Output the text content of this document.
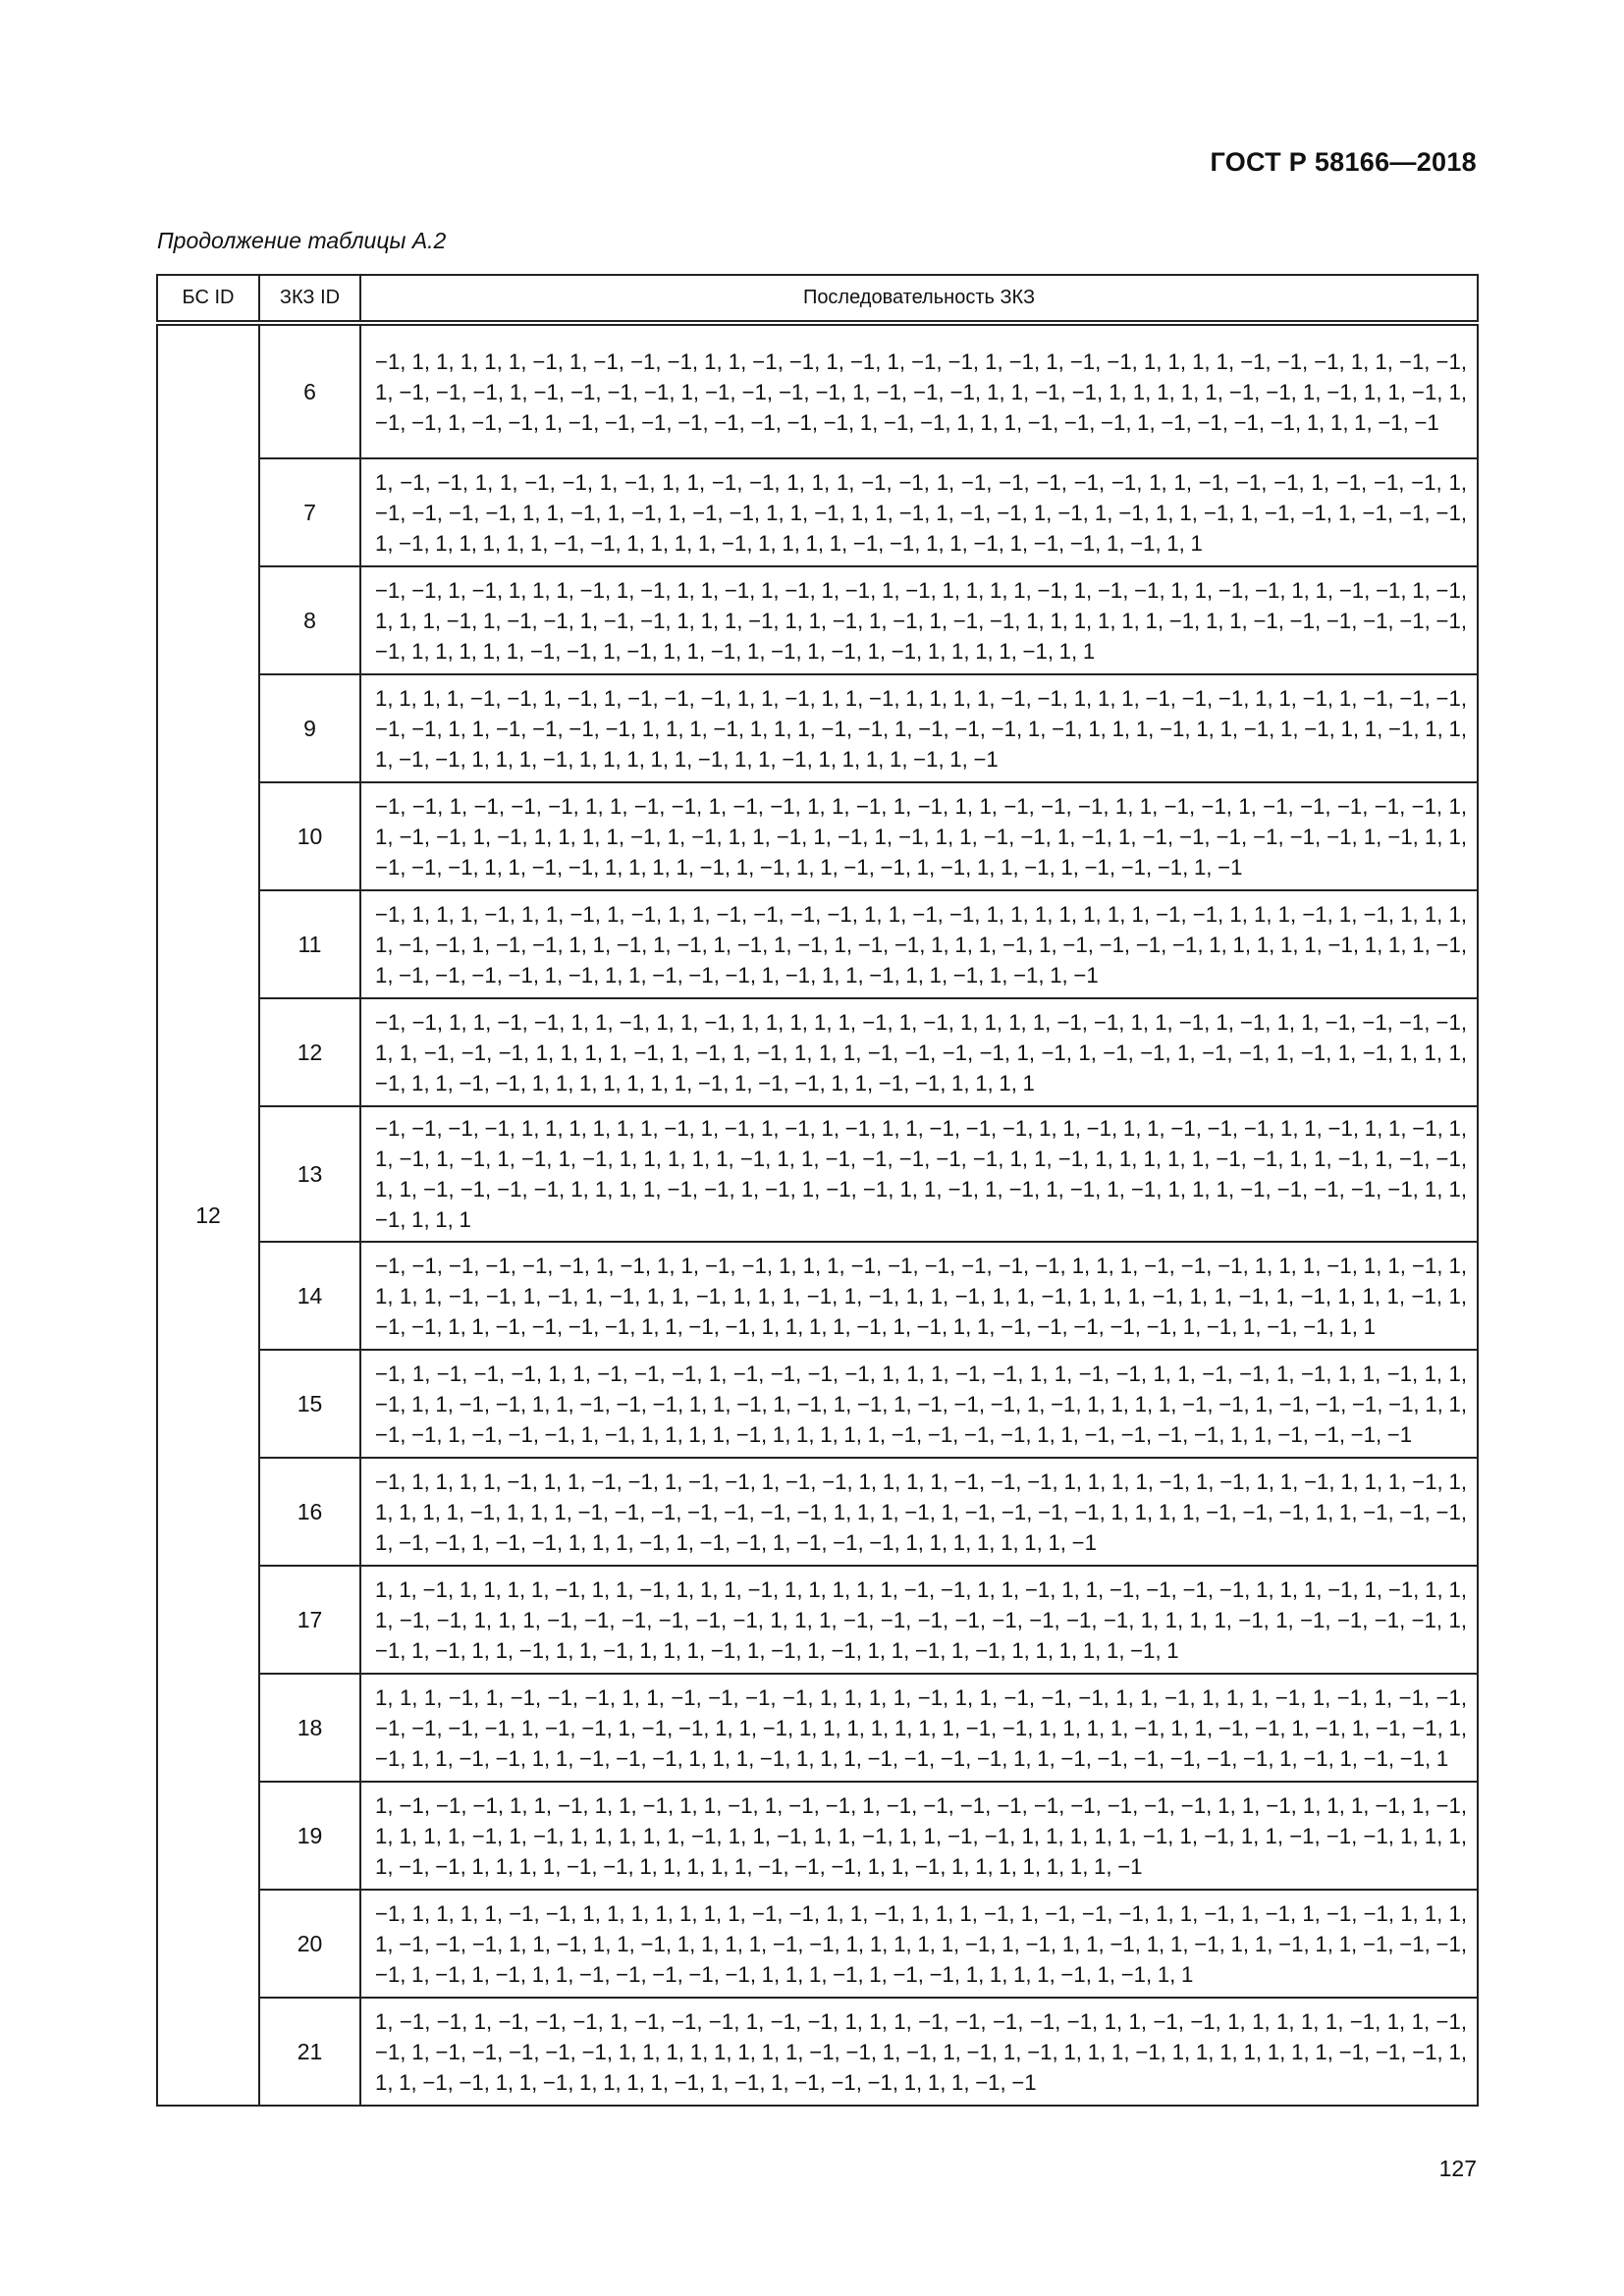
ГОСТ Р 58166—2018
Продолжение таблицы А.2
БС ID	ЗКЗ ID	Последовательность ЗКЗ
12	6	−1, 1, 1, 1, 1, 1, −1, 1, −1, −1, −1, 1, 1, −1, −1, 1, −1, 1, −1, −1, 1, −1, 1, −1, −1, 1, 1, 1, 1, −1, −1, −1, 1, 1, −1, −1, 1, −1, −1, −1, 1, −1, −1, −1, −1, 1, −1, −1, −1, −1, 1, −1, −1, −1, 1, 1, −1, −1, 1, 1, 1, 1, 1, −1, −1, 1, −1, 1, 1, −1, 1, −1, −1, 1, −1, −1, 1, −1, −1, −1, −1, −1, −1, −1, −1, 1, −1, −1, 1, 1, 1, −1, −1, −1, 1, −1, −1, −1, −1, 1, 1, 1, −1, −1
	7	1, −1, −1, 1, 1, −1, −1, 1, −1, 1, 1, −1, −1, 1, 1, 1, −1, −1, 1, −1, −1, −1, −1, −1, 1, 1, −1, −1, −1, 1, −1, −1, −1, 1, −1, −1, −1, −1, 1, 1, −1, 1, −1, 1, −1, −1, 1, 1, −1, 1, 1, −1, 1, −1, −1, 1, −1, 1, −1, 1, 1, −1, 1, −1, −1, 1, −1, −1, −1, 1, −1, 1, 1, 1, 1, 1, −1, −1, 1, 1, 1, 1, −1, 1, 1, 1, 1, −1, −1, 1, 1, −1, 1, −1, −1, 1, −1, 1, 1
	8	−1, −1, 1, −1, 1, 1, 1, −1, 1, −1, 1, 1, −1, 1, −1, 1, −1, 1, −1, 1, 1, 1, 1, −1, 1, −1, −1, 1, 1, −1, −1, 1, 1, −1, −1, 1, −1, 1, 1, 1, −1, 1, −1, −1, 1, −1, −1, 1, 1, 1, −1, 1, 1, −1, 1, −1, 1, −1, −1, 1, 1, 1, 1, 1, 1, −1, 1, 1, −1, −1, −1, −1, −1, −1, −1, 1, 1, 1, 1, 1, −1, −1, 1, −1, 1, 1, −1, 1, −1, 1, −1, 1, −1, 1, 1, 1, 1, −1, 1, 1
	9	1, 1, 1, 1, −1, −1, 1, −1, 1, −1, −1, −1, 1, 1, −1, 1, 1, −1, 1, 1, 1, 1, −1, −1, 1, 1, 1, −1, −1, −1, 1, 1, −1, 1, −1, −1, −1, −1, −1, 1, 1, −1, −1, −1, −1, 1, 1, 1, −1, 1, 1, 1, −1, −1, 1, −1, −1, −1, 1, −1, 1, 1, 1, −1, 1, 1, −1, 1, −1, 1, 1, −1, 1, 1, 1, −1, −1, 1, 1, 1, −1, 1, 1, 1, 1, 1, −1, 1, 1, −1, 1, 1, 1, 1, −1, 1, −1
	10	−1, −1, 1, −1, −1, −1, 1, 1, −1, −1, 1, −1, −1, 1, 1, −1, 1, −1, 1, 1, −1, −1, −1, 1, 1, −1, −1, 1, −1, −1, −1, −1, −1, 1, 1, −1, −1, 1, −1, 1, 1, 1, 1, −1, 1, −1, 1, 1, −1, 1, −1, 1, −1, 1, 1, −1, −1, 1, −1, 1, −1, −1, −1, −1, −1, −1, 1, −1, 1, 1, −1, −1, −1, 1, 1, −1, −1, 1, 1, 1, 1, −1, 1, −1, 1, 1, −1, −1, 1, −1, 1, 1, −1, 1, −1, −1, −1, 1, −1
	11	−1, 1, 1, 1, −1, 1, 1, −1, 1, −1, 1, 1, −1, −1, −1, −1, 1, 1, −1, −1, 1, 1, 1, 1, 1, 1, 1, −1, −1, 1, 1, 1, −1, 1, −1, 1, 1, 1, 1, −1, −1, 1, −1, −1, 1, 1, −1, 1, −1, 1, −1, 1, −1, 1, −1, −1, 1, 1, 1, −1, 1, −1, −1, −1, −1, 1, 1, 1, 1, 1, −1, 1, 1, 1, −1, 1, −1, −1, −1, −1, 1, −1, 1, 1, −1, −1, −1, 1, −1, 1, 1, −1, 1, 1, −1, 1, −1, 1, −1
	12	−1, −1, 1, 1, −1, −1, 1, 1, −1, 1, 1, −1, 1, 1, 1, 1, 1, −1, 1, −1, 1, 1, 1, 1, −1, −1, 1, 1, −1, 1, −1, 1, 1, −1, −1, −1, −1, 1, 1, −1, −1, −1, 1, 1, 1, 1, −1, 1, −1, 1, −1, 1, 1, 1, −1, −1, −1, −1, 1, −1, 1, −1, −1, 1, −1, −1, 1, −1, 1, −1, 1, 1, 1, −1, 1, 1, −1, −1, 1, 1, 1, 1, 1, 1, 1, −1, 1, −1, −1, 1, 1, −1, −1, 1, 1, 1, 1
	13	−1, −1, −1, −1, 1, 1, 1, 1, 1, 1, −1, 1, −1, 1, −1, 1, −1, 1, 1, −1, −1, −1, 1, 1, −1, 1, 1, −1, −1, −1, 1, 1, −1, 1, 1, −1, 1, 1, −1, 1, −1, 1, −1, 1, −1, 1, 1, 1, 1, 1, −1, 1, 1, −1, −1, −1, −1, −1, 1, 1, −1, 1, 1, 1, 1, 1, −1, −1, 1, 1, −1, 1, −1, −1, 1, 1, −1, −1, −1, −1, 1, 1, 1, 1, −1, −1, 1, −1, 1, −1, −1, 1, 1, −1, 1, −1, 1, −1, 1, −1, 1, 1, 1, −1, −1, −1, −1, −1, 1, 1, −1, 1, 1, 1
	14	−1, −1, −1, −1, −1, −1, 1, −1, 1, 1, −1, −1, 1, 1, 1, −1, −1, −1, −1, −1, −1, 1, 1, 1, −1, −1, −1, 1, 1, 1, −1, 1, 1, −1, 1, 1, 1, 1, −1, −1, 1, −1, 1, −1, 1, 1, −1, 1, 1, 1, −1, 1, −1, 1, 1, −1, 1, 1, −1, 1, 1, 1, −1, 1, 1, −1, 1, −1, 1, 1, 1, −1, 1, −1, −1, 1, 1, −1, −1, −1, −1, 1, 1, −1, −1, 1, 1, 1, 1, −1, 1, −1, 1, 1, −1, −1, −1, −1, −1, 1, −1, 1, −1, −1, 1, 1
	15	−1, 1, −1, −1, −1, 1, 1, −1, −1, −1, 1, −1, −1, −1, −1, 1, 1, 1, −1, −1, 1, 1, −1, −1, 1, 1, −1, −1, 1, −1, 1, 1, −1, 1, 1, −1, 1, 1, −1, −1, 1, 1, −1, −1, −1, 1, 1, −1, 1, −1, 1, −1, 1, −1, −1, −1, 1, −1, 1, 1, 1, 1, −1, −1, 1, −1, −1, −1, −1, 1, 1, −1, −1, 1, −1, −1, −1, 1, −1, 1, 1, 1, 1, −1, 1, 1, 1, 1, 1, −1, −1, −1, −1, 1, 1, −1, −1, −1, −1, 1, 1, −1, −1, −1, −1
	16	−1, 1, 1, 1, 1, −1, 1, 1, −1, −1, 1, −1, −1, 1, −1, −1, 1, 1, 1, 1, −1, −1, −1, 1, 1, 1, 1, −1, 1, −1, 1, 1, −1, 1, 1, 1, −1, 1, 1, 1, 1, 1, −1, 1, 1, 1, −1, −1, −1, −1, −1, −1, −1, 1, 1, 1, −1, 1, −1, −1, −1, −1, 1, 1, 1, 1, −1, −1, −1, 1, 1, −1, −1, −1, 1, −1, −1, 1, −1, −1, 1, 1, 1, −1, 1, −1, −1, 1, −1, −1, −1, 1, 1, 1, 1, 1, 1, 1, −1
	17	1, 1, −1, 1, 1, 1, 1, −1, 1, 1, −1, 1, 1, 1, −1, 1, 1, 1, 1, 1, −1, −1, 1, 1, −1, 1, 1, −1, −1, −1, −1, 1, 1, 1, −1, 1, −1, 1, 1, 1, −1, −1, 1, 1, 1, −1, −1, −1, −1, −1, −1, 1, 1, 1, −1, −1, −1, −1, −1, −1, −1, −1, 1, 1, 1, 1, −1, 1, −1, −1, −1, −1, 1, −1, 1, −1, 1, 1, −1, 1, 1, −1, 1, 1, 1, −1, 1, −1, 1, −1, 1, 1, −1, 1, −1, 1, 1, 1, 1, 1, −1, 1
	18	1, 1, 1, −1, 1, −1, −1, −1, 1, 1, −1, −1, −1, −1, 1, 1, 1, 1, −1, 1, 1, −1, −1, −1, 1, 1, −1, 1, 1, 1, −1, 1, −1, 1, −1, −1, −1, −1, −1, −1, 1, −1, −1, 1, −1, −1, 1, 1, −1, 1, 1, 1, 1, 1, 1, 1, −1, −1, 1, 1, 1, 1, −1, 1, 1, −1, −1, 1, −1, 1, −1, −1, 1, −1, 1, 1, −1, −1, 1, 1, −1, −1, −1, 1, 1, 1, −1, 1, 1, 1, −1, −1, −1, −1, 1, 1, −1, −1, −1, −1, −1, −1, 1, −1, 1, −1, −1, 1
	19	1, −1, −1, −1, 1, 1, −1, 1, 1, −1, 1, 1, −1, 1, −1, −1, 1, −1, −1, −1, −1, −1, −1, −1, −1, −1, 1, 1, −1, 1, 1, 1, −1, 1, −1, 1, 1, 1, 1, −1, 1, −1, 1, 1, 1, 1, 1, −1, 1, 1, −1, 1, 1, −1, 1, 1, −1, −1, 1, 1, 1, 1, 1, −1, 1, −1, 1, 1, −1, −1, −1, 1, 1, 1, 1, −1, −1, 1, 1, 1, 1, −1, −1, 1, 1, 1, 1, 1, −1, −1, −1, 1, 1, −1, 1, 1, 1, 1, 1, 1, 1, −1
	20	−1, 1, 1, 1, 1, −1, −1, 1, 1, 1, 1, 1, 1, 1, −1, −1, 1, 1, −1, 1, 1, 1, −1, 1, −1, −1, −1, 1, 1, −1, 1, −1, 1, −1, −1, 1, 1, 1, 1, −1, −1, −1, 1, 1, −1, 1, 1, −1, 1, 1, 1, 1, −1, −1, 1, 1, 1, 1, 1, −1, 1, −1, 1, 1, −1, 1, 1, −1, 1, 1, −1, 1, 1, −1, −1, −1, −1, 1, −1, 1, −1, 1, 1, −1, −1, −1, −1, −1, 1, 1, 1, −1, 1, −1, −1, 1, 1, 1, 1, −1, 1, −1, 1, 1
	21	1, −1, −1, 1, −1, −1, −1, 1, −1, −1, −1, 1, −1, −1, 1, 1, 1, −1, −1, −1, −1, −1, 1, 1, −1, −1, 1, 1, 1, 1, 1, −1, 1, 1, −1, −1, 1, −1, −1, −1, −1, −1, 1, 1, 1, 1, 1, 1, 1, 1, −1, −1, 1, −1, 1, −1, 1, −1, 1, 1, 1, −1, 1, 1, 1, 1, 1, 1, 1, −1, −1, −1, 1, 1, 1, −1, −1, 1, 1, −1, 1, 1, 1, 1, −1, 1, −1, 1, −1, −1, −1, 1, 1, 1, −1, −1
127
